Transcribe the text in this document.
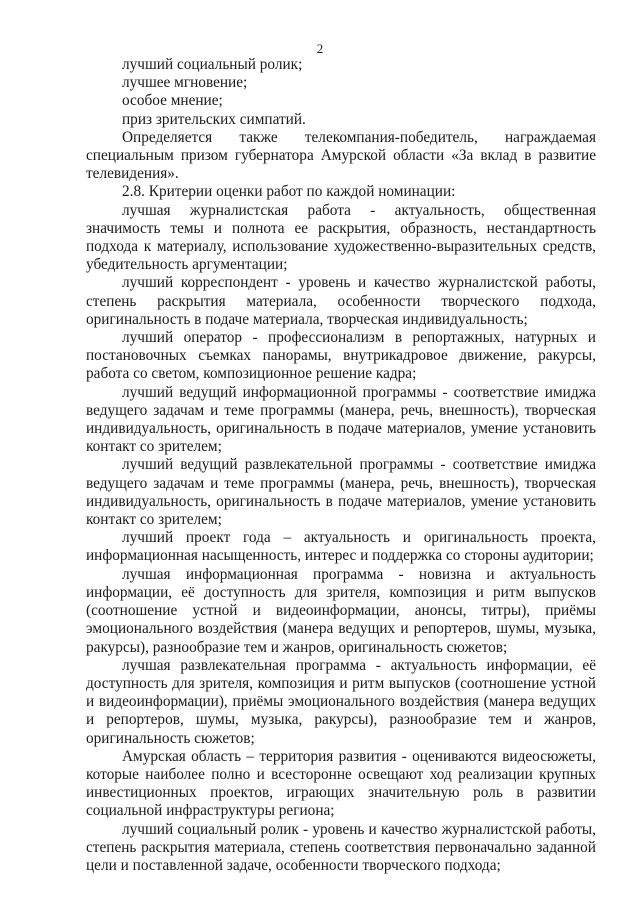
2

лучший социальный ролик;

лучшее мгновение;

особое мнение;

приз зрительских симпатий.

Определяется также телекомпания-победитель, награждаемая специальным призом губернатора Амурской области «За вклад в развитие телевидения».

2.8. Критерии оценки работ по каждой номинации:

лучшая журналистская работа - актуальность, общественная значимость темы и полнота ее раскрытия, образность, нестандартность подхода к материалу, использование художественно-выразительных средств, убедительность аргументации;

лучший корреспондент - уровень и качество журналистской работы, степень раскрытия материала, особенности творческого подхода, оригинальность в подаче материала, творческая индивидуальность;

лучший оператор - профессионализм в репортажных, натурных и постановочных съемках панорамы, внутрикадровое движение, ракурсы, работа со светом, композиционное решение кадра;

лучший ведущий информационной программы - соответствие имиджа ведущего задачам и теме программы (манера, речь, внешность), творческая индивидуальность, оригинальность в подаче материалов, умение установить контакт со зрителем;

лучший ведущий развлекательной программы - соответствие имиджа ведущего задачам и теме программы (манера, речь, внешность), творческая индивидуальность, оригинальность в подаче материалов, умение установить контакт со зрителем;

лучший проект года – актуальность и оригинальность проекта, информационная насыщенность, интерес и поддержка со стороны аудитории;

лучшая информационная программа - новизна и актуальность информации, её доступность для зрителя, композиция и ритм выпусков (соотношение устной и видеоинформации, анонсы, титры), приёмы эмоционального воздействия (манера ведущих и репортеров, шумы, музыка, ракурсы), разнообразие тем и жанров, оригинальность сюжетов;

лучшая развлекательная программа - актуальность информации, её доступность для зрителя, композиция и ритм выпусков (соотношение устной и видеоинформации), приёмы эмоционального воздействия (манера ведущих и репортеров, шумы, музыка, ракурсы), разнообразие тем и жанров, оригинальность сюжетов;

Амурская область – территория развития - оцениваются видеосюжеты, которые наиболее полно и всесторонне освещают ход реализации крупных инвестиционных проектов, играющих значительную роль в развитии социальной инфраструктуры региона;

лучший социальный ролик - уровень и качество журналистской работы, степень раскрытия материала, степень соответствия первоначально заданной цели и поставленной задаче, особенности творческого подхода;
